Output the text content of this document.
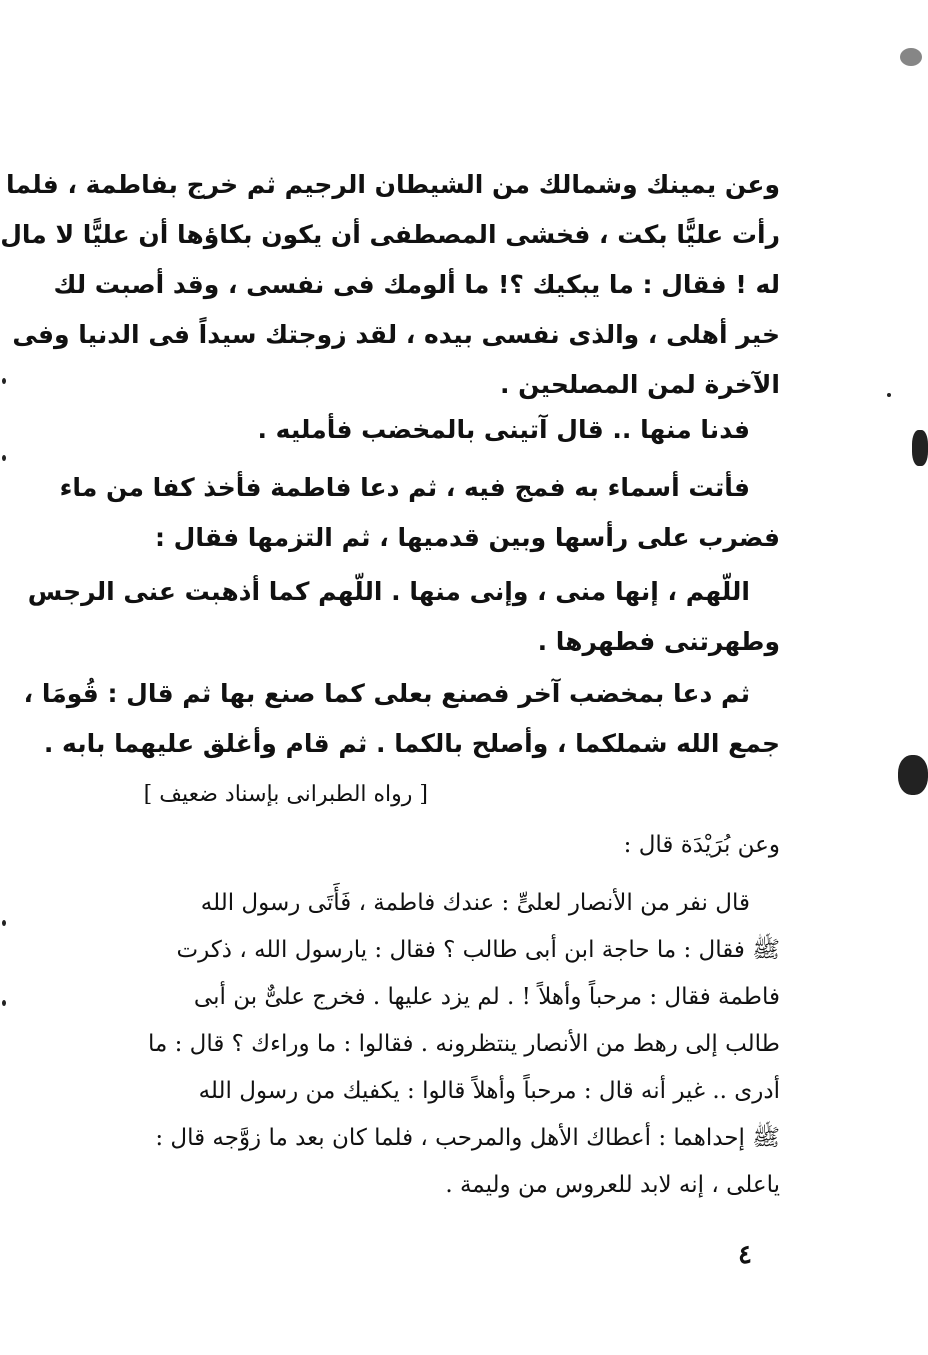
وعن يمينك وشمالك من الشيطان الرجيم ثم خرج بفاطمة ، فلما
رأت عليًّا بكت ، فخشى المصطفى أن يكون بكاؤها أن عليًّا لا مال
له ! فقال : ما يبكيك ؟! ما ألومك فى نفسى ، وقد أصبت لك
خير أهلى ، والذى نفسى بيده ، لقد زوجتك سيداً فى الدنيا وفى
الآخرة لمن المصلحين .
فدنا منها .. قال آتينى بالمخضب فأمليه .
فأتت أسماء به فمج فيه ، ثم دعا فاطمة فأخذ كفا من ماء
فضرب على رأسها وبين قدميها ، ثم التزمها فقال :
اللّهم ، إنها منى ، وإنى منها . اللّهم كما أذهبت عنى الرجس
وطهرتنى فطهرها .
ثم دعا بمخضب آخر فصنع بعلى كما صنع بها ثم قال : قُومَا ،
جمع الله شملكما ، وأصلح بالكما . ثم قام وأغلق عليهما بابه .
[ رواه الطبرانى بإسناد ضعيف ]
وعن بُرَيْدَة قال :
قال نفر من الأنصار لعلىٍّ : عندك فاطمة ، فَأَتَى رسول الله
ﷺ فقال : ما حاجة ابن أبى طالب ؟ فقال : يارسول الله ، ذكرت
فاطمة فقال : مرحباً وأهلاً ! . لم يزد عليها . فخرج علىٌّ بن أبى
طالب إلى رهط من الأنصار ينتظرونه . فقالوا : ما وراءك ؟ قال : ما
أدرى .. غير أنه قال : مرحباً وأهلاً قالوا : يكفيك من رسول الله
ﷺ إحداهما : أعطاك الأهل والمرحب ، فلما كان بعد ما زوَّجه قال :
ياعلى ، إنه لابد للعروس من وليمة .
٤
